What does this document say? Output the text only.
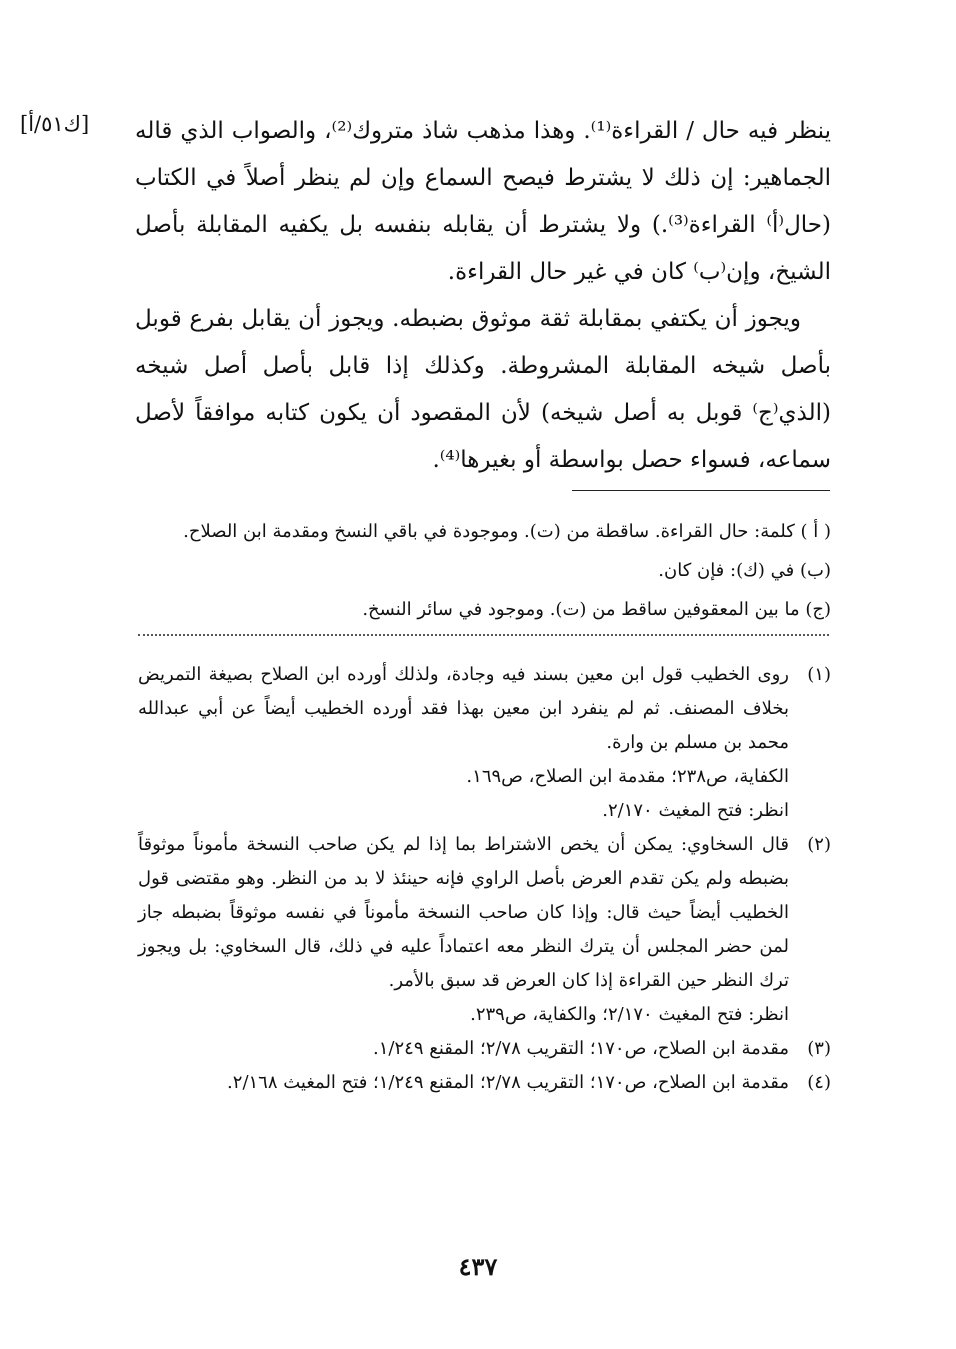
[ك٥١/أ] ينظر فيه حال / القراءة⁽¹⁾. وهذا مذهب شاذ متروك⁽²⁾، والصواب الذي قاله الجماهير: إن ذلك لا يشترط فيصح السماع وإن لم ينظر أصلاً في الكتاب (حال⁽أ⁾ القراءة⁽³⁾.) ولا يشترط أن يقابله بنفسه بل يكفيه المقابلة بأصل الشيخ، وإن⁽ب⁾ كان في غير حال القراءة.

ويجوز أن يكتفي بمقابلة ثقة موثوق بضبطه. ويجوز أن يقابل بفرع قوبل بأصل شيخه المقابلة المشروطة. وكذلك إذا قابل بأصل أصل شيخه (الذي⁽ج⁾ قوبل به أصل شيخه) لأن المقصود أن يكون كتابه موافقاً لأصل سماعه، فسواء حصل بواسطة أو بغيرها⁽⁴⁾.

( أ ) كلمة: حال القراءة. ساقطة من (ت). وموجودة في باقي النسخ ومقدمة ابن الصلاح.
(ب) في (ك): فإن كان.
(ج) ما بين المعقوفين ساقط من (ت). وموجود في سائر النسخ.
(١)
روى الخطيب قول ابن معين بسند فيه وجادة، ولذلك أورده ابن الصلاح بصيغة التمريض بخلاف المصنف. ثم لم ينفرد ابن معين بهذا فقد أورده الخطيب أيضاً عن أبي عبدالله محمد بن مسلم بن وارة.
الكفاية، ص٢٣٨؛ مقدمة ابن الصلاح، ص١٦٩.
انظر: فتح المغيث ٢/١٧٠.
(٢)
قال السخاوي: يمكن أن يخص الاشتراط بما إذا لم يكن صاحب النسخة مأموناً موثوقاً بضبطه ولم يكن تقدم العرض بأصل الراوي فإنه حينئذ لا بد من النظر. وهو مقتضى قول الخطيب أيضاً حيث قال: وإذا كان صاحب النسخة مأموناً في نفسه موثوقاً بضبطه جاز لمن حضر المجلس أن يترك النظر معه اعتماداً عليه في ذلك، قال السخاوي: بل ويجوز ترك النظر حين القراءة إذا كان العرض قد سبق بالأمر.
انظر: فتح المغيث ٢/١٧٠؛ والكفاية، ص٢٣٩.
(٣)
مقدمة ابن الصلاح، ص١٧٠؛ التقريب ٢/٧٨؛ المقنع ١/٢٤٩.
(٤)
مقدمة ابن الصلاح، ص١٧٠؛ التقريب ٢/٧٨؛ المقنع ١/٢٤٩؛ فتح المغيث ٢/١٦٨.
٤٣٧
